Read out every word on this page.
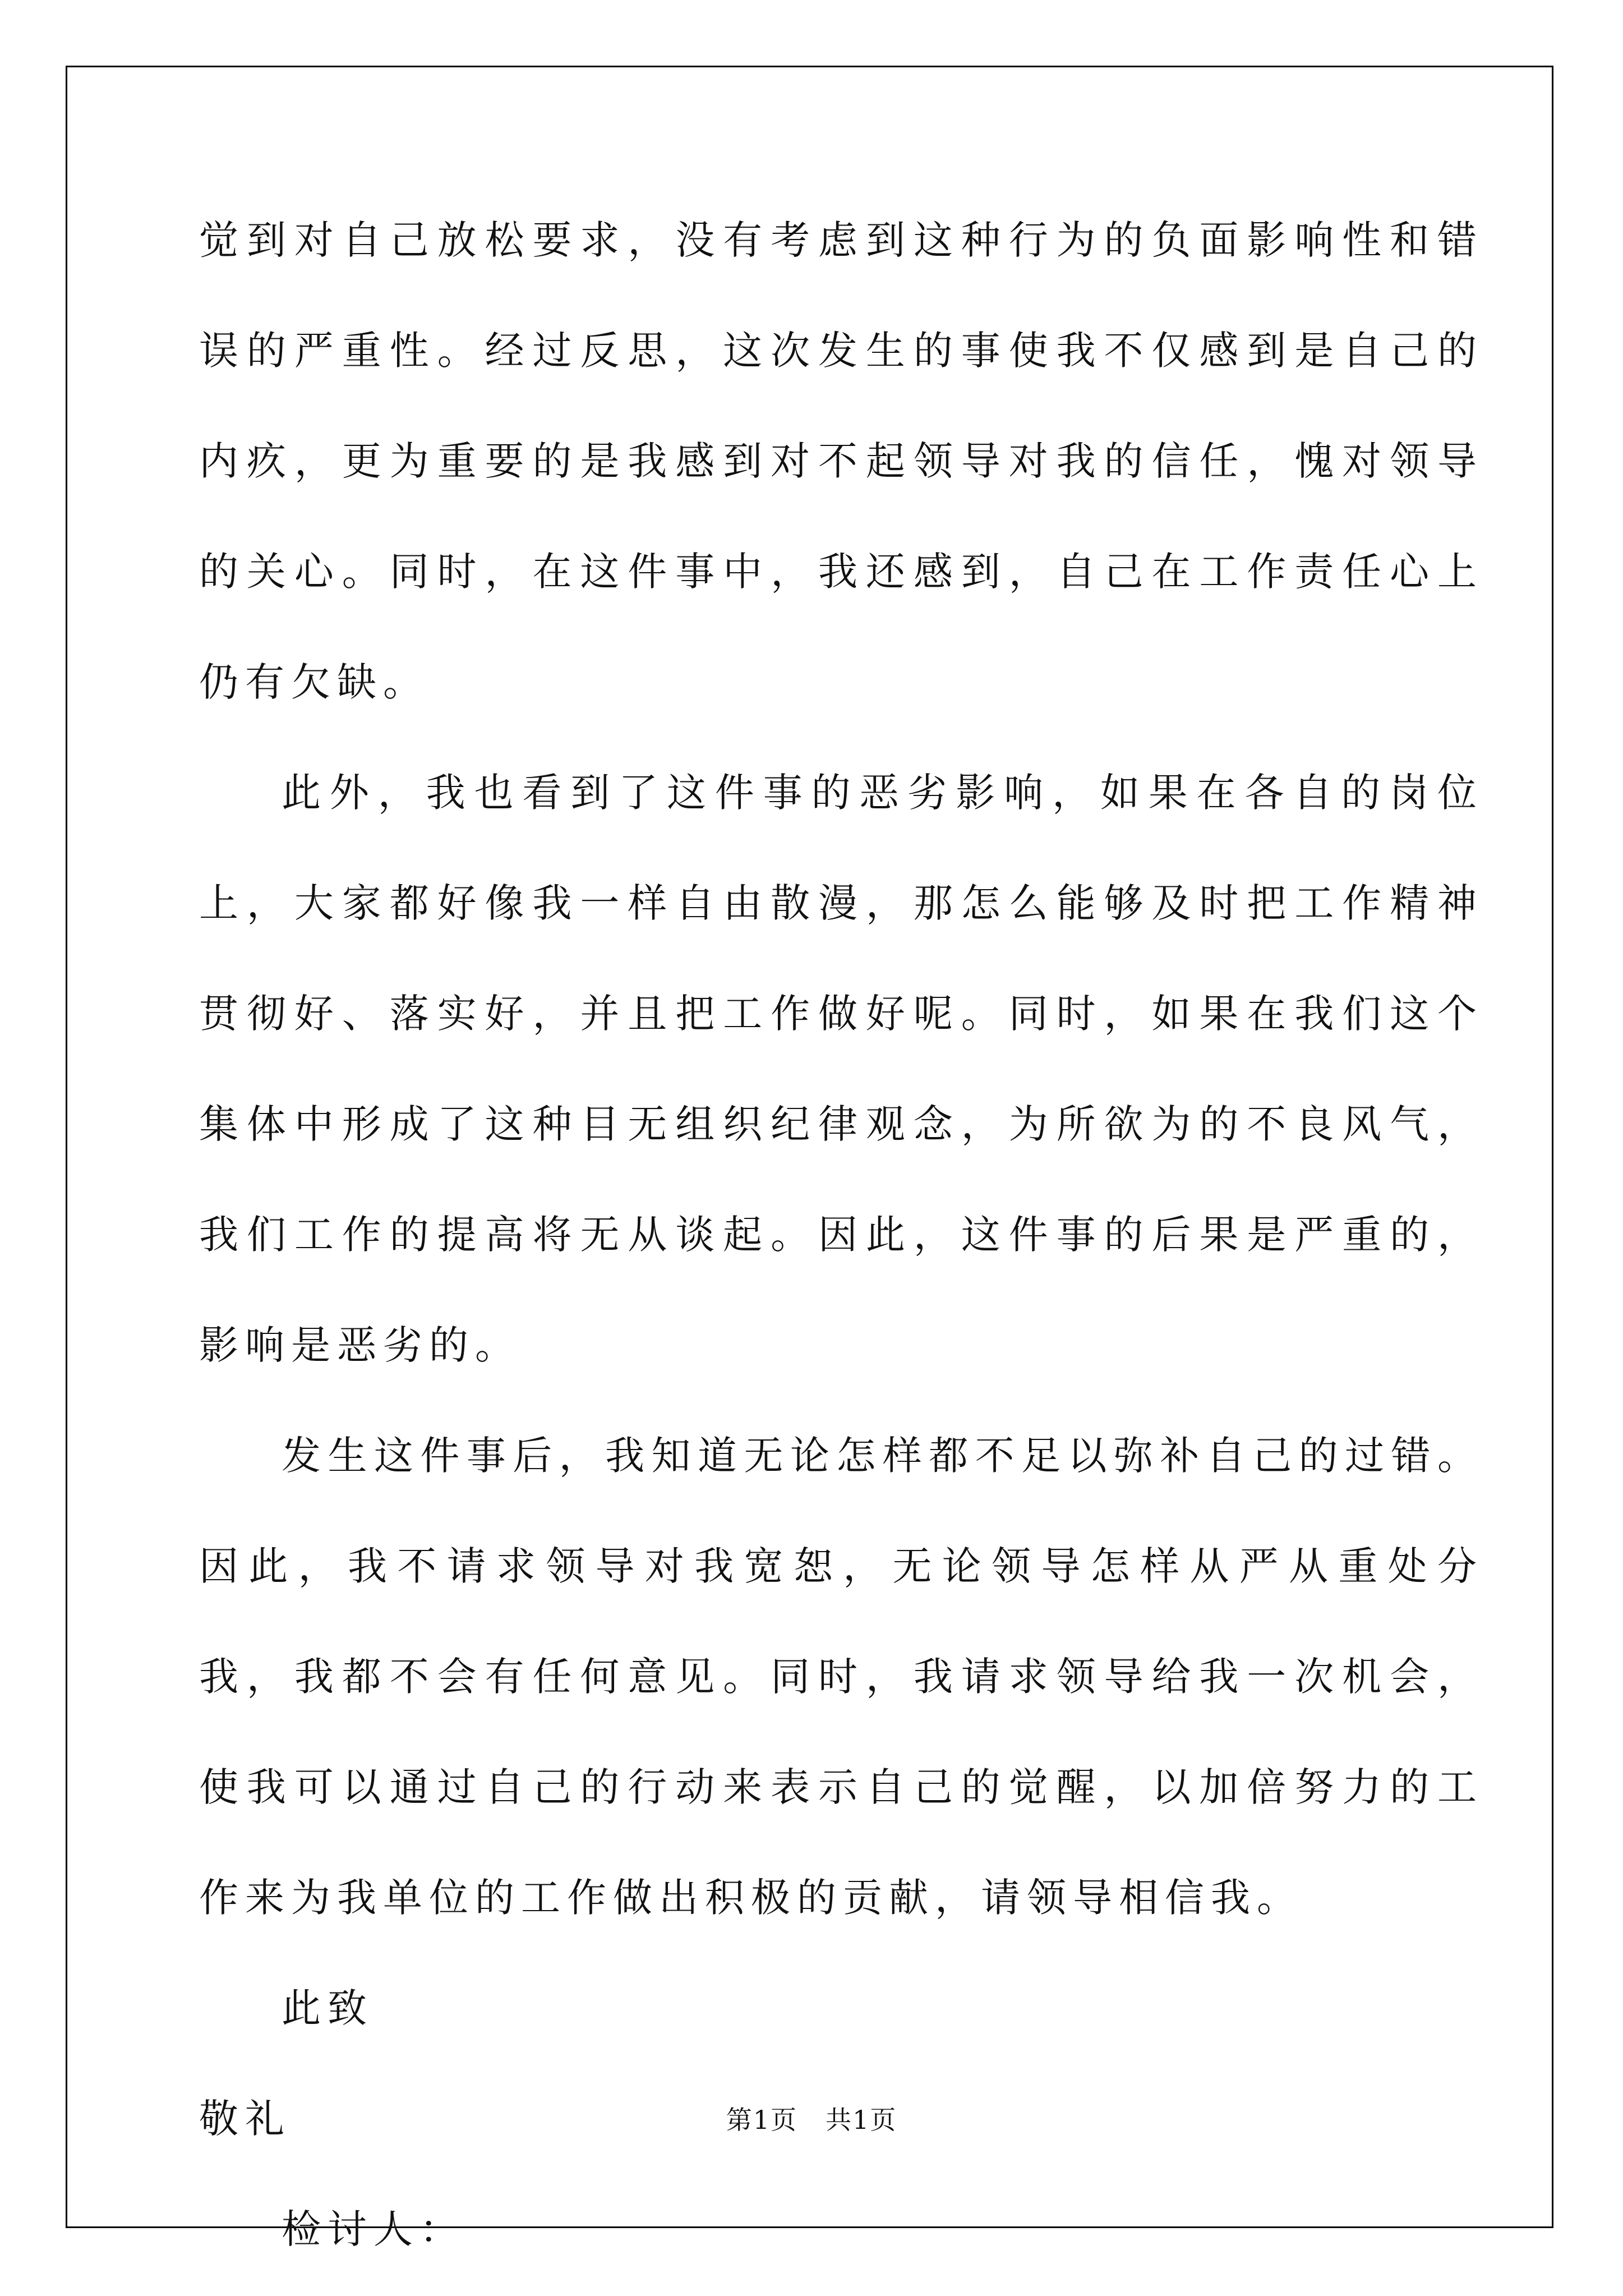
觉到对自己放松要求，没有考虑到这种行为的负面影响性和错误的严重性。经过反思，这次发生的事使我不仅感到是自己的内疚，更为重要的是我感到对不起领导对我的信任，愧对领导的关心。同时，在这件事中，我还感到，自己在工作责任心上仍有欠缺。

此外，我也看到了这件事的恶劣影响，如果在各自的岗位上，大家都好像我一样自由散漫，那怎么能够及时把工作精神贯彻好、落实好，并且把工作做好呢。同时，如果在我们这个集体中形成了这种目无组织纪律观念，为所欲为的不良风气，我们工作的提高将无从谈起。因此，这件事的后果是严重的，影响是恶劣的。

发生这件事后，我知道无论怎样都不足以弥补自己的过错。因此，我不请求领导对我宽恕，无论领导怎样从严从重处分我，我都不会有任何意见。同时，我请求领导给我一次机会，使我可以通过自己的行动来表示自己的觉醒，以加倍努力的工作来为我单位的工作做出积极的贡献，请领导相信我。

此致

敬礼

检讨人：

第1页 共1页
